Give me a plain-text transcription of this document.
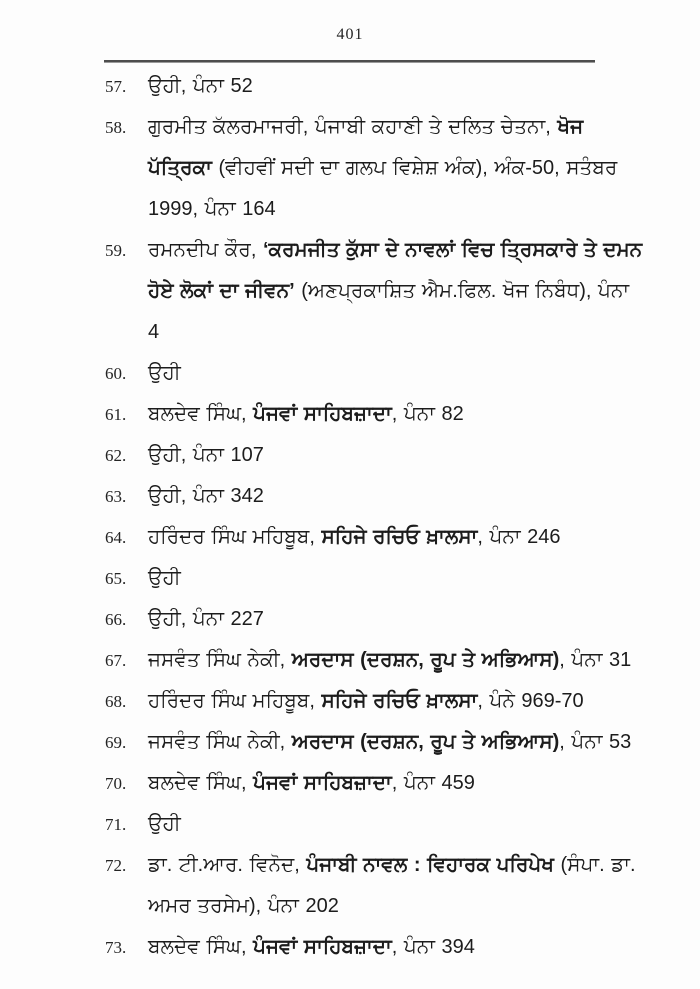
401
57.	ਉਹੀ, ਪੰਨਾ 52
58.	ਗੁਰਮੀਤ ਕੱਲਰਮਾਜਰੀ, ਪੰਜਾਬੀ ਕਹਾਣੀ ਤੇ ਦਲਿਤ ਚੇਤਨਾ, ਖੋਜ ਪੱਤ੍ਰਿਕਾ (ਵੀਹਵੀਂ ਸਦੀ ਦਾ ਗਲਪ ਵਿਸ਼ੇਸ਼ ਅੰਕ), ਅੰਕ-50, ਸਤੰਬਰ 1999, ਪੰਨਾ 164
59.	ਰਮਨਦੀਪ ਕੌਰ, ‘ਕਰਮਜੀਤ ਕੁੱਸਾ ਦੇ ਨਾਵਲਾਂ ਵਿਚ ਤ੍ਰਿਸਕਾਰੇ ਤੇ ਦਮਨ ਹੋਏ ਲੋਕਾਂ ਦਾ ਜੀਵਨ’ (ਅਣਪ੍ਰਕਾਸ਼ਿਤ ਐਮ.ਫਿਲ. ਖੋਜ ਨਿਬੰਧ), ਪੰਨਾ 4
60.	ਉਹੀ
61.	ਬਲਦੇਵ ਸਿੰਘ, ਪੰਜਵਾਂ ਸਾਹਿਬਜ਼ਾਦਾ, ਪੰਨਾ 82
62.	ਉਹੀ, ਪੰਨਾ 107
63.	ਉਹੀ, ਪੰਨਾ 342
64.	ਹਰਿੰਦਰ ਸਿੰਘ ਮਹਿਬੂਬ, ਸਹਿਜੇ ਰਚਿਓ ਖ਼ਾਲਸਾ, ਪੰਨਾ 246
65.	ਉਹੀ
66.	ਉਹੀ, ਪੰਨਾ 227
67.	ਜਸਵੰਤ ਸਿੰਘ ਨੇਕੀ, ਅਰਦਾਸ (ਦਰਸ਼ਨ, ਰੂਪ ਤੇ ਅਭਿਆਸ), ਪੰਨਾ 31
68.	ਹਰਿੰਦਰ ਸਿੰਘ ਮਹਿਬੂਬ, ਸਹਿਜੇ ਰਚਿਓ ਖ਼ਾਲਸਾ, ਪੰਨੇ 969-70
69.	ਜਸਵੰਤ ਸਿੰਘ ਨੇਕੀ, ਅਰਦਾਸ (ਦਰਸ਼ਨ, ਰੂਪ ਤੇ ਅਭਿਆਸ), ਪੰਨਾ 53
70.	ਬਲਦੇਵ ਸਿੰਘ, ਪੰਜਵਾਂ ਸਾਹਿਬਜ਼ਾਦਾ, ਪੰਨਾ 459
71.	ਉਹੀ
72.	ਡਾ. ਟੀ.ਆਰ. ਵਿਨੋਦ, ਪੰਜਾਬੀ ਨਾਵਲ : ਵਿਹਾਰਕ ਪਰਿਪੇਖ (ਸੰਪਾ. ਡਾ. ਅਮਰ ਤਰਸੇਮ), ਪੰਨਾ 202
73.	ਬਲਦੇਵ ਸਿੰਘ, ਪੰਜਵਾਂ ਸਾਹਿਬਜ਼ਾਦਾ, ਪੰਨਾ 394
